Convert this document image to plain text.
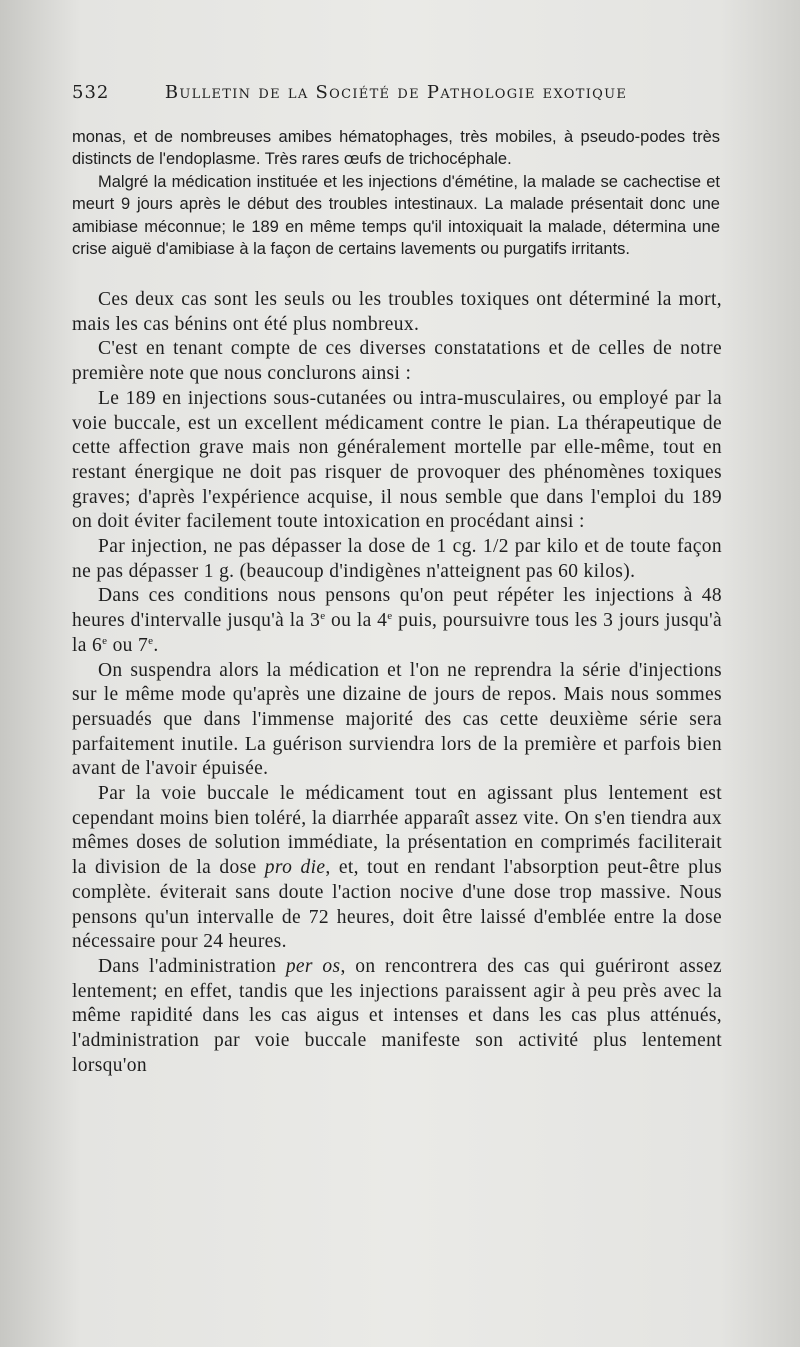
532	Bulletin de la Société de Pathologie exotique

monas, et de nombreuses amibes hématophages, très mobiles, à pseudo-podes très distincts de l'endoplasme. Très rares œufs de trichocéphale.

Malgré la médication instituée et les injections d'émétine, la malade se cachectise et meurt 9 jours après le début des troubles intestinaux. La malade présentait donc une amibiase méconnue; le 189 en même temps qu'il intoxiquait la malade, détermina une crise aiguë d'amibiase à la façon de certains lavements ou purgatifs irritants.

Ces deux cas sont les seuls ou les troubles toxiques ont déterminé la mort, mais les cas bénins ont été plus nombreux.

C'est en tenant compte de ces diverses constatations et de celles de notre première note que nous conclurons ainsi :

Le 189 en injections sous-cutanées ou intra-musculaires, ou employé par la voie buccale, est un excellent médicament contre le pian. La thérapeutique de cette affection grave mais non généralement mortelle par elle-même, tout en restant énergique ne doit pas risquer de provoquer des phénomènes toxiques graves; d'après l'expérience acquise, il nous semble que dans l'emploi du 189 on doit éviter facilement toute intoxication en procédant ainsi :

Par injection, ne pas dépasser la dose de 1 cg. 1/2 par kilo et de toute façon ne pas dépasser 1 g. (beaucoup d'indigènes n'atteignent pas 60 kilos).

Dans ces conditions nous pensons qu'on peut répéter les injections à 48 heures d'intervalle jusqu'à la 3e ou la 4e puis, poursuivre tous les 3 jours jusqu'à la 6e ou 7e.

On suspendra alors la médication et l'on ne reprendra la série d'injections sur le même mode qu'après une dizaine de jours de repos. Mais nous sommes persuadés que dans l'immense majorité des cas cette deuxième série sera parfaitement inutile. La guérison surviendra lors de la première et parfois bien avant de l'avoir épuisée.

Par la voie buccale le médicament tout en agissant plus lentement est cependant moins bien toléré, la diarrhée apparaît assez vite. On s'en tiendra aux mêmes doses de solution immédiate, la présentation en comprimés faciliterait la division de la dose pro die, et, tout en rendant l'absorption peut-être plus complète. éviterait sans doute l'action nocive d'une dose trop massive. Nous pensons qu'un intervalle de 72 heures, doit être laissé d'emblée entre la dose nécessaire pour 24 heures.

Dans l'administration per os, on rencontrera des cas qui guériront assez lentement; en effet, tandis que les injections paraissent agir à peu près avec la même rapidité dans les cas aigus et intenses et dans les cas plus atténués, l'administration par voie buccale manifeste son activité plus lentement lorsqu'on
